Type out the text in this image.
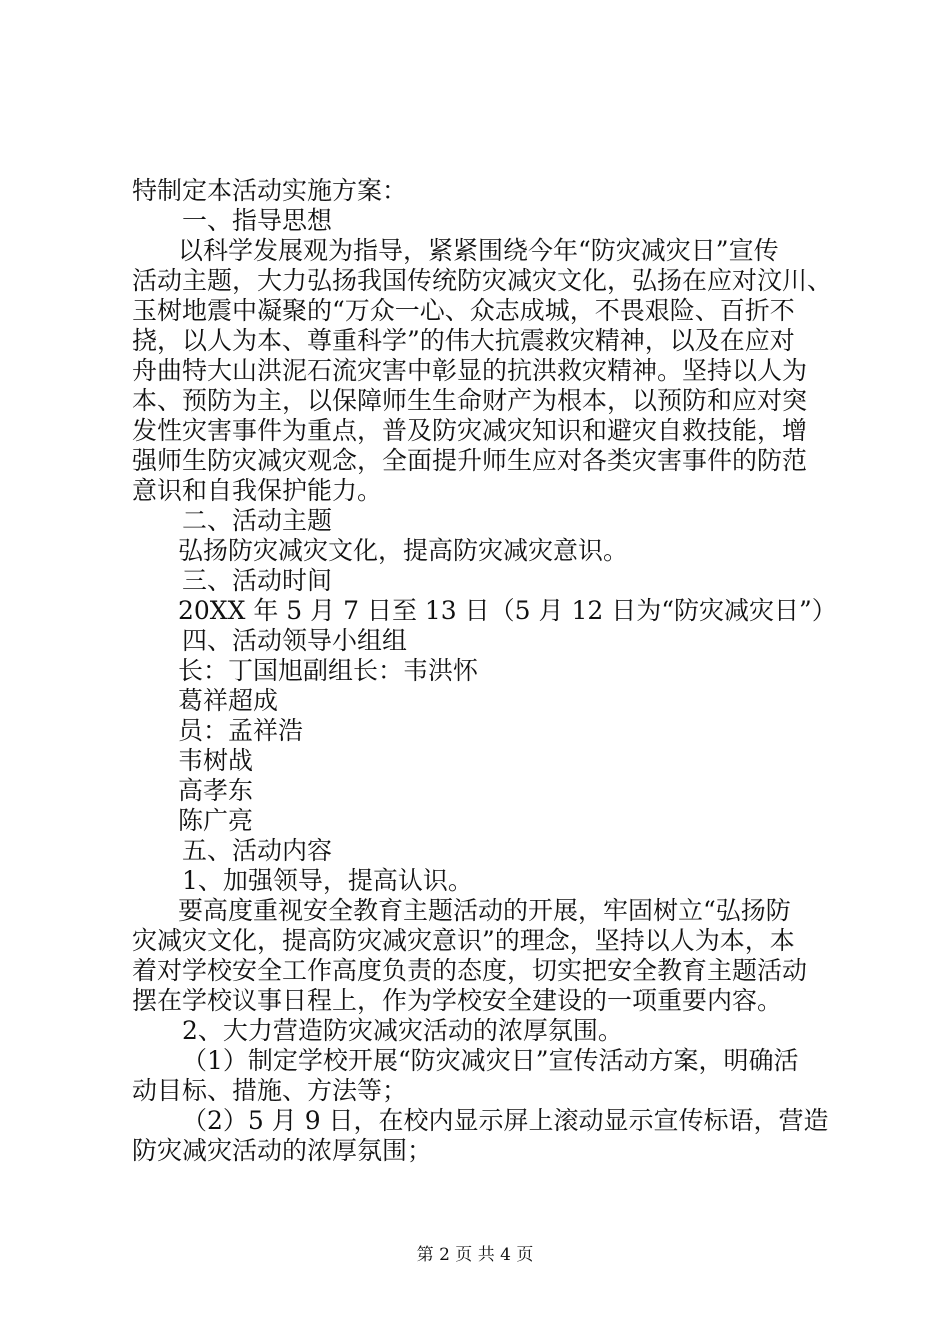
特制定本活动实施方案：
一、指导思想
以科学发展观为指导，紧紧围绕今年“防灾减灾日”宣传
活动主题，大力弘扬我国传统防灾减灾文化，弘扬在应对汶川、
玉树地震中凝聚的“万众一心、众志成城，不畏艰险、百折不
挠，以人为本、尊重科学”的伟大抗震救灾精神，以及在应对
舟曲特大山洪泥石流灾害中彰显的抗洪救灾精神。坚持以人为
本、预防为主，以保障师生生命财产为根本，以预防和应对突
发性灾害事件为重点，普及防灾减灾知识和避灾自救技能，增
强师生防灾减灾观念，全面提升师生应对各类灾害事件的防范
意识和自我保护能力。
二、活动主题
弘扬防灾减灾文化，提高防灾减灾意识。
三、活动时间
20XX 年 5 月 7 日至 13 日（5 月 12 日为“防灾减灾日”）
四、活动领导小组组
长：丁国旭副组长：韦洪怀
葛祥超成
员：孟祥浩
韦树战
高孝东
陈广亮
五、活动内容
1、加强领导，提高认识。
要高度重视安全教育主题活动的开展，牢固树立“弘扬防
灾减灾文化，提高防灾减灾意识”的理念，坚持以人为本，本
着对学校安全工作高度负责的态度，切实把安全教育主题活动
摆在学校议事日程上，作为学校安全建设的一项重要内容。
2、大力营造防灾减灾活动的浓厚氛围。
（1）制定学校开展“防灾减灾日”宣传活动方案，明确活
动目标、措施、方法等；
（2）5 月 9 日，在校内显示屏上滚动显示宣传标语，营造
防灾减灾活动的浓厚氛围；
第 2 页 共 4 页
